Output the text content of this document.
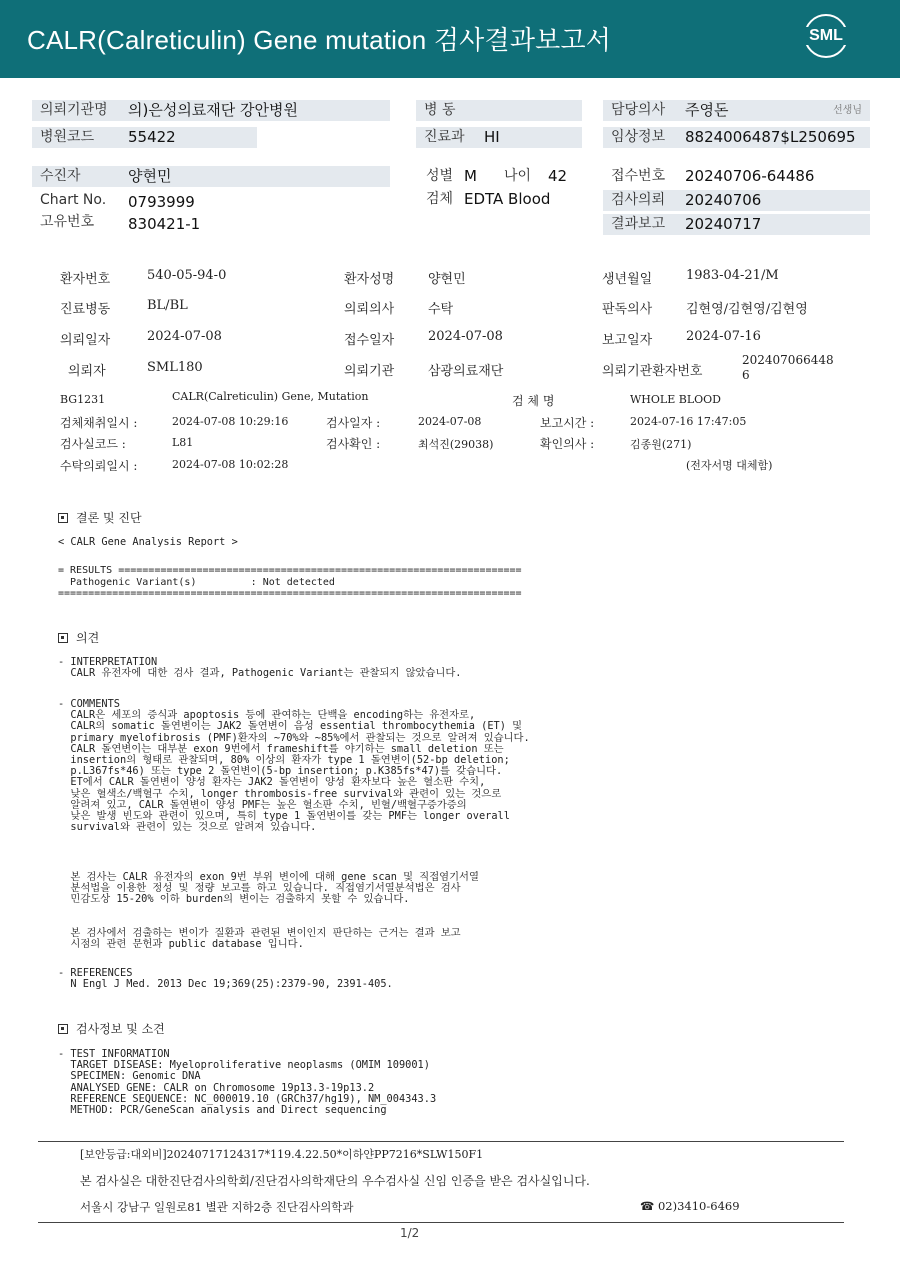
CALR(Calreticulin) Gene mutation 검사결과보고서	SML
의뢰기관명 의)은성의료재단 강안병원
병원코드 55422
병 동
진료과 HI
담당의사 주영돈	선생님
임상정보 8824006487$L250695
수진자	양현민
Chart No. 0793999
고유번호 830421-1
성별 M 나이 42
검체 EDTA Blood
접수번호 20240706-64486
검사의뢰 20240706
결과보고 20240717
환자번호	540-05-94-0	환자성명	양현민	생년월일	1983-04-21/M
진료병동	BL/BL	의뢰의사	수탁	판독의사	김현영/김현영/김현영
의뢰일자	2024-07-08	접수일자	2024-07-08	보고일자	2024-07-16
의뢰자	SML180	의뢰기관	삼광의료재단	의뢰기관환자번호
202407066448
6
BG1231	CALR(Calreticulin) Gene, Mutation	검 체 명	WHOLE BLOOD
검체채취일시 :	2024-07-08 10:29:16	검사일자 :	2024-07-08	보고시간 :	2024-07-16 17:47:05
검사실코드 :	L81	검사확인 :	최석진(29038)	확인의사 :	김종원(271)
수탁의뢰일시 :	2024-07-08 10:02:28	(전자서명 대체함)
결론 및 진단
< CALR Gene Analysis Report >
= RESULTS ===================================================================
Pathogenic Variant(s)         : Not detected
=============================================================================
의견
- INTERPRETATION
CALR 유전자에 대한 검사 결과, Pathogenic Variant는 관찰되지 않았습니다.
- COMMENTS
CALR은 세포의 증식과 apoptosis 등에 관여하는 단백을 encoding하는 유전자로,
CALR의 somatic 돌연변이는 JAK2 돌연변이 음성 essential thrombocythemia (ET) 및
primary myelofibrosis (PMF)환자의 ~70%와 ~85%에서 관찰되는 것으로 알려져 있습니다.
CALR 돌연변이는 대부분 exon 9번에서 frameshift를 야기하는 small deletion 또는
insertion의 형태로 관찰되며, 80% 이상의 환자가 type 1 돌연변이(52-bp deletion;
p.L367fs*46) 또는 type 2 돌연변이(5-bp insertion; p.K385fs*47)를 갖습니다.
ET에서 CALR 돌연변이 양성 환자는 JAK2 돌연변이 양성 환자보다 높은 혈소판 수치,
낮은 혈색소/백혈구 수치, longer thrombosis-free survival와 관련이 있는 것으로
알려져 있고, CALR 돌연변이 양성 PMF는 높은 혈소판 수치, 빈혈/백혈구증가증의
낮은 발생 빈도와 관련이 있으며, 특히 type 1 돌연변이를 갖는 PMF는 longer overall
survival와 관련이 있는 것으로 알려져 있습니다.
본 검사는 CALR 유전자의 exon 9번 부위 변이에 대해 gene scan 및 직접염기서열
분석법을 이용한 정성 및 정량 보고를 하고 있습니다. 직접염기서열분석법은 검사
민감도상 15-20% 이하 burden의 변이는 검출하지 못할 수 있습니다.
본 검사에서 검출하는 변이가 질환과 관련된 변이인지 판단하는 근거는 결과 보고
시점의 관련 문헌과 public database 입니다.
- REFERENCES
N Engl J Med. 2013 Dec 19;369(25):2379-90, 2391-405.
검사정보 및 소견
- TEST INFORMATION
TARGET DISEASE: Myeloproliferative neoplasms (OMIM 109001)
SPECIMEN: Genomic DNA
ANALYSED GENE: CALR on Chromosome 19p13.3-19p13.2
REFERENCE SEQUENCE: NC_000019.10 (GRCh37/hg19), NM_004343.3
METHOD: PCR/GeneScan analysis and Direct sequencing
[보안등급:대외비]20240717124317*119.4.22.50*이하얀PP7216*SLW150F1
본 검사실은 대한진단검사의학회/진단검사의학재단의 우수검사실 신임 인증을 받은 검사실입니다.
서울시 강남구 일원로81 별관 지하2층 진단검사의학과	☎ 02)3410-6469
1/2
